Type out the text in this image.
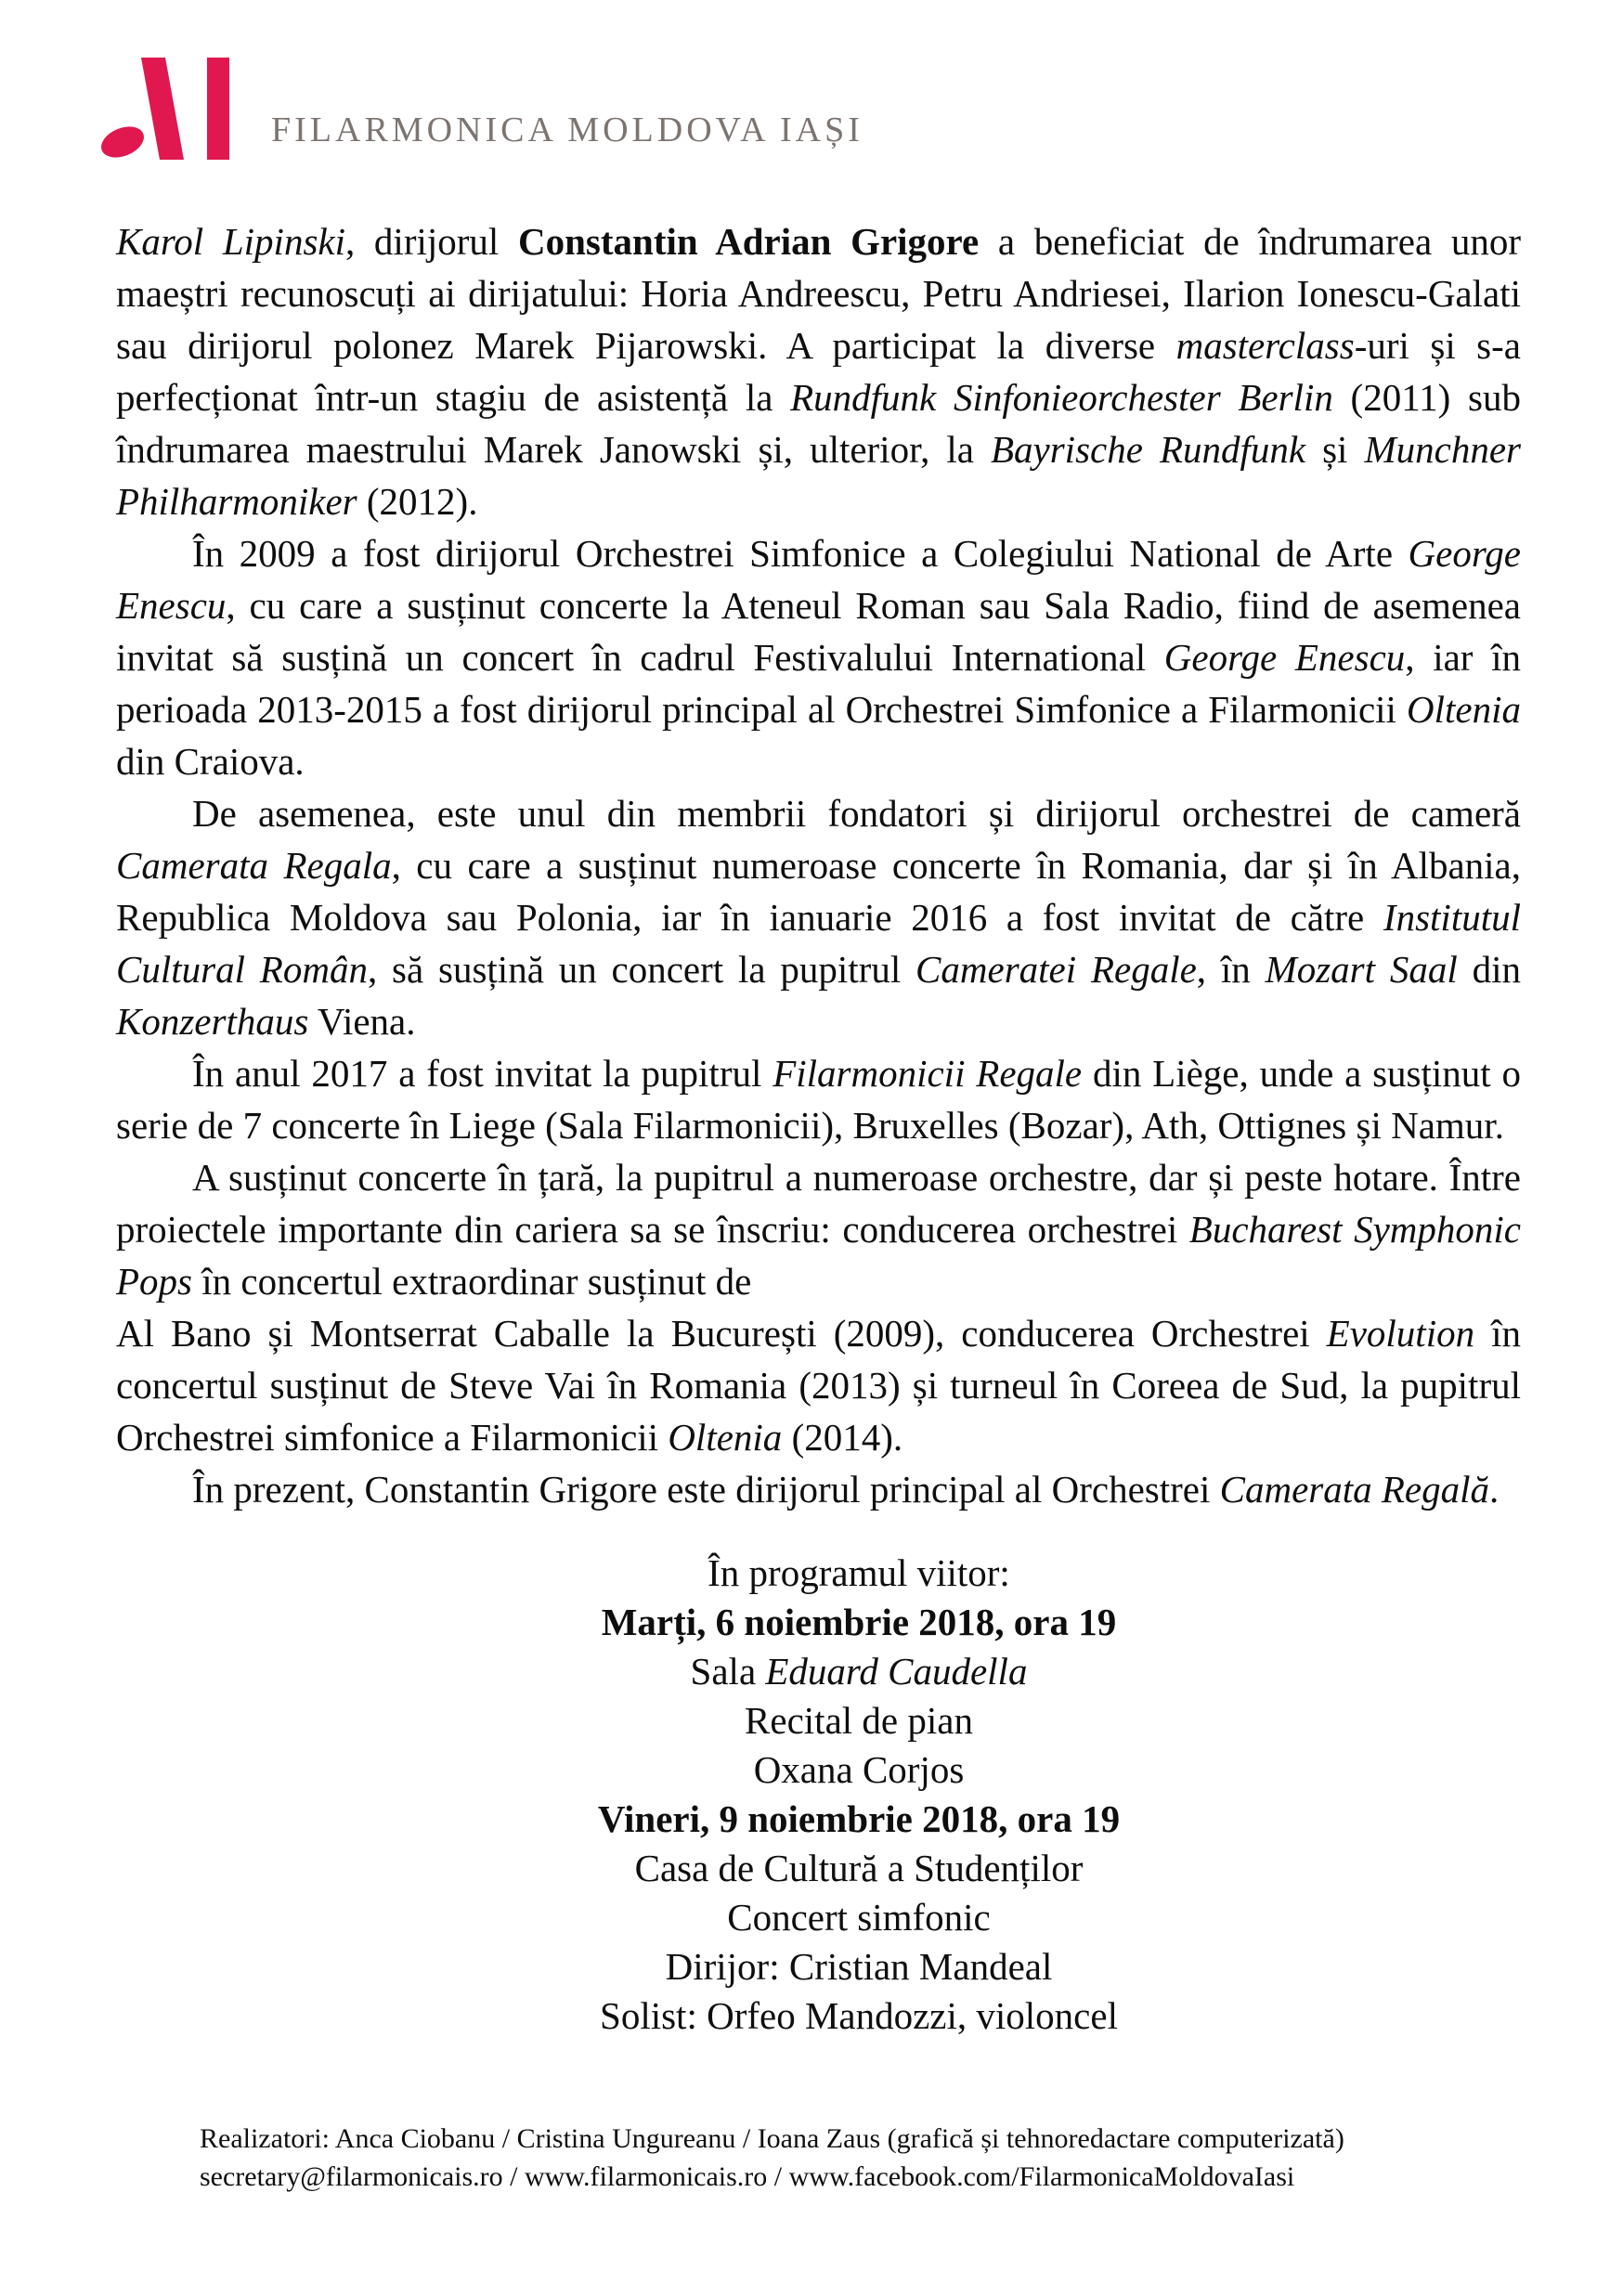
FILARMONICA MOLDOVA IAȘI

Karol Lipinski, dirijorul Constantin Adrian Grigore a beneficiat de îndrumarea unor maeștri recunoscuți ai dirijatului: Horia Andreescu, Petru Andriesei, Ilarion Ionescu-Galati sau dirijorul polonez Marek Pijarowski. A participat la diverse masterclass-uri și s-a perfecționat într-un stagiu de asistență la Rundfunk Sinfonieorchester Berlin (2011) sub îndrumarea maestrului Marek Janowski și, ulterior, la Bayrische Rundfunk și Munchner Philharmoniker (2012).

În 2009 a fost dirijorul Orchestrei Simfonice a Colegiului National de Arte George Enescu, cu care a susținut concerte la Ateneul Roman sau Sala Radio, fiind de asemenea invitat să susțină un concert în cadrul Festivalului International George Enescu, iar în perioada 2013-2015 a fost dirijorul principal al Orchestrei Simfonice a Filarmonicii Oltenia din Craiova.

De asemenea, este unul din membrii fondatori și dirijorul orchestrei de cameră Camerata Regala, cu care a susținut numeroase concerte în Romania, dar și în Albania, Republica Moldova sau Polonia, iar în ianuarie 2016 a fost invitat de către Institutul Cultural Român, să susțină un concert la pupitrul Cameratei Regale, în Mozart Saal din Konzerthaus Viena.

În anul 2017 a fost invitat la pupitrul Filarmonicii Regale din Liège, unde a susținut o serie de 7 concerte în Liege (Sala Filarmonicii), Bruxelles (Bozar), Ath, Ottignes și Namur.

A susținut concerte în țară, la pupitrul a numeroase orchestre, dar și peste hotare. Între proiectele importante din cariera sa se înscriu: conducerea orchestrei Bucharest Symphonic Pops în concertul extraordinar susținut de
Al Bano și Montserrat Caballe la București (2009), conducerea Orchestrei Evolution în concertul susținut de Steve Vai în Romania (2013) și turneul în Coreea de Sud, la pupitrul Orchestrei simfonice a Filarmonicii Oltenia (2014).

În prezent, Constantin Grigore este dirijorul principal al Orchestrei Camerata Regală.

În programul viitor:
Marți, 6 noiembrie 2018, ora 19
Sala Eduard Caudella
Recital de pian
Oxana Corjos
Vineri, 9 noiembrie 2018, ora 19
Casa de Cultură a Studenților
Concert simfonic
Dirijor: Cristian Mandeal
Solist: Orfeo Mandozzi, violoncel
Realizatori: Anca Ciobanu / Cristina Ungureanu / Ioana Zaus (grafică și tehnoredactare computerizată)
secretary@filarmonicais.ro / www.filarmonicais.ro / www.facebook.com/FilarmonicaMoldovaIasi
